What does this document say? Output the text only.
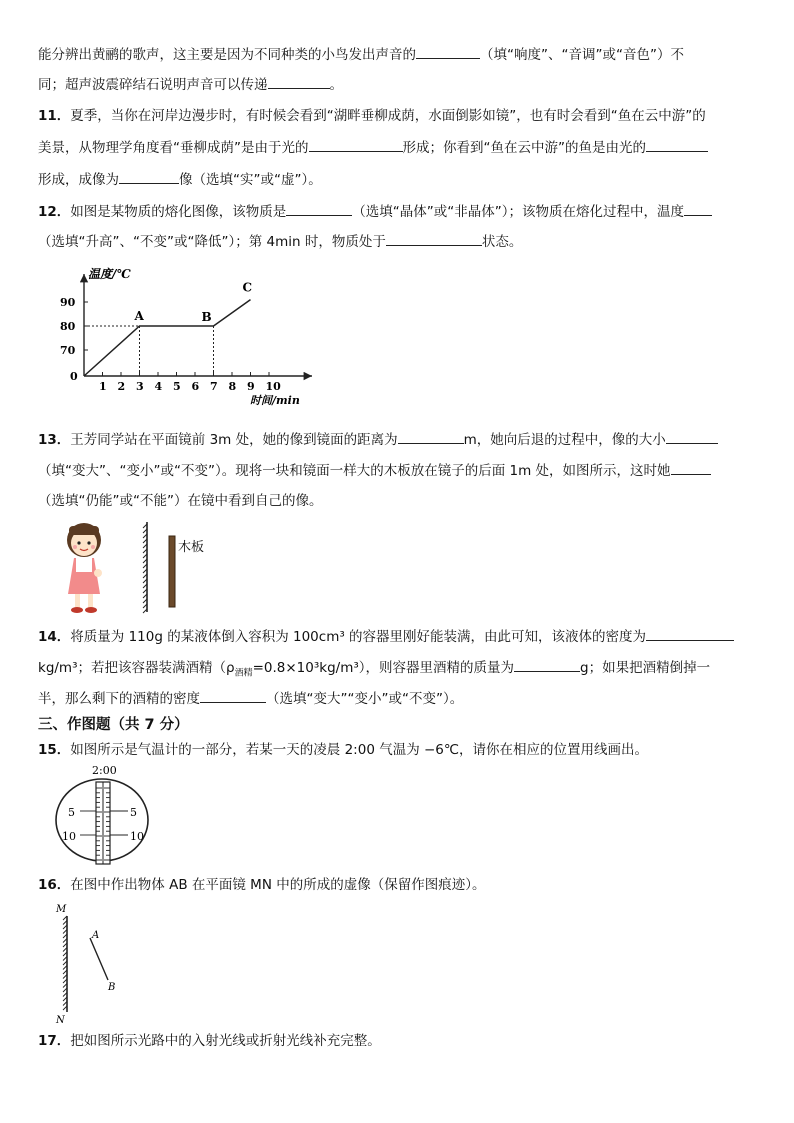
能分辨出黄鹂的歌声，这主要是因为不同种类的小鸟发出声音的	（填“响度”、“音调”或“音色”）不
同；超声波震碎结石说明声音可以传递	。
11．夏季，当你在河岸边漫步时，有时候会看到“湖畔垂柳成荫，水面倒影如镜”，也有时会看到“鱼在云中游”的
美景，从物理学角度看“垂柳成荫”是由于光的	形成；你看到“鱼在云中游”的鱼是由光的
形成，成像为	像（选填“实”或“虚”）。
12．如图是某物质的熔化图像，该物质是	（选填“晶体”或“非晶体”）；该物质在熔化过程中，温度
（选填“升高”、“不变”或“降低”）；第 4min 时，物质处于	状态。
温度/℃
时间/min
0
1 2 3 4 5 6 7 8 9 10
70
80
90
A	B
C
13．王芳同学站在平面镜前 3m 处，她的像到镜面的距离为	m，她向后退的过程中，像的大小
（填“变大”、“变小”或“不变”）。现将一块和镜面一样大的木板放在镜子的后面 1m 处，如图所示，这时她
（选填“仍能”或“不能”）在镜中看到自己的像。
木板
14．将质量为 110g 的某液体倒入容积为 100cm³ 的容器里刚好能装满，由此可知，该液体的密度为
kg/m³；若把该容器装满酒精$(\rho_{酒精}=0.8\times 10^3kg/m^3)$，则容器里酒精的质量为	g；如果把酒精倒掉一
半，那么剩下的酒精的密度	（选填“变大”“变小”或“不变”）。
三、作图题（共 7 分）
15．如图所示是气温计的一部分，若某一天的凌晨 2:00 气温为 −6℃，请你在相应的位置用线画出。
2:00
5
10
5
10
16．在图中作出物体 AB 在平面镜 MN 中的所成的虚像（保留作图痕迹）。
M
N
A
B
17．把如图所示光路中的入射光线或折射光线补充完整。
